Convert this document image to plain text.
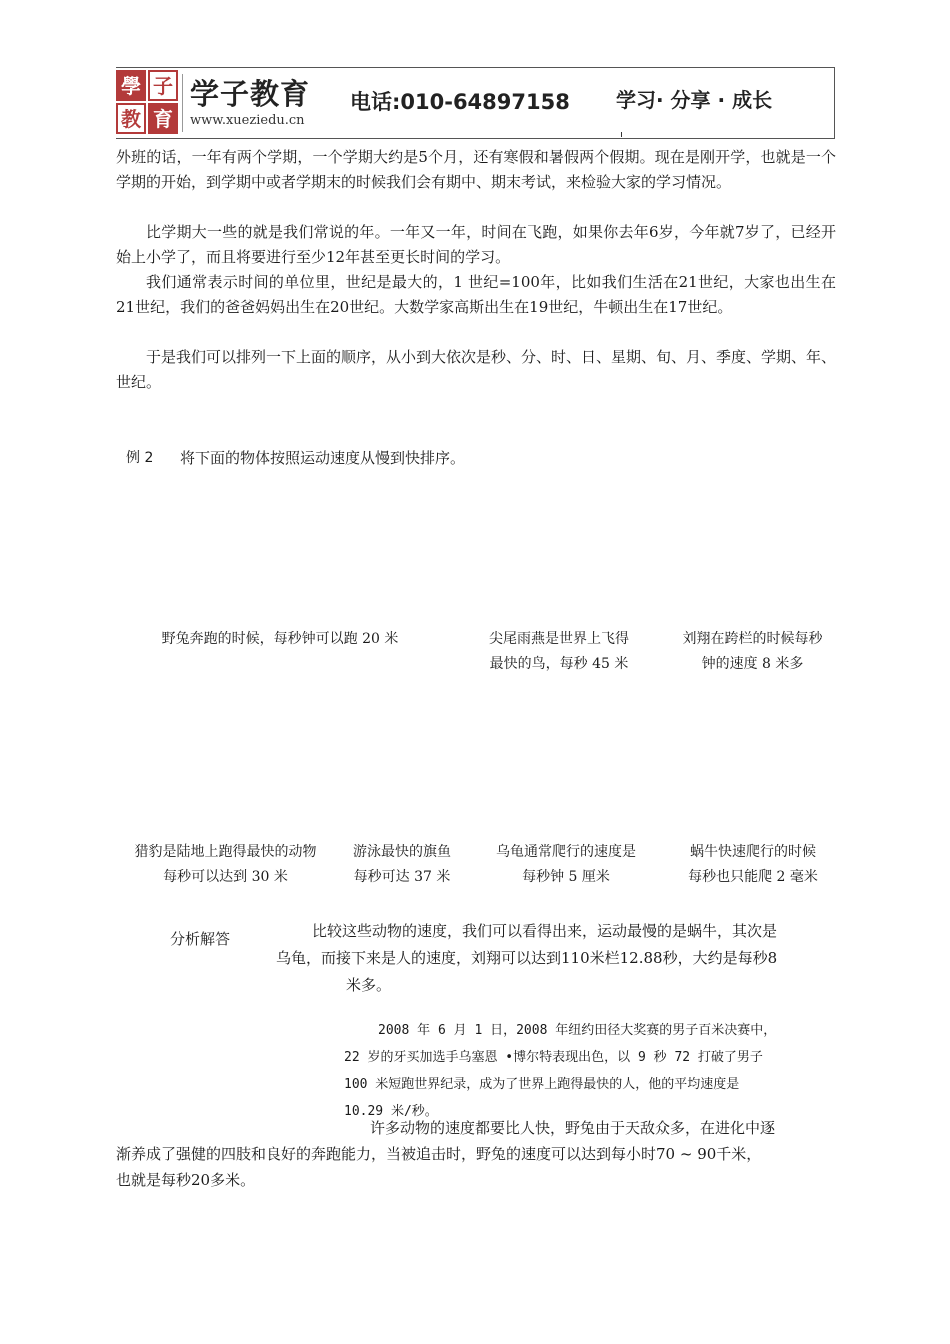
學 子
教 育
学子教育
www.xueziedu.cn
电话:010-64897158 学习· 分享 · 成长

外班的话，一年有两个学期，一个学期大约是5个月，还有寒假和暑假两个假期。现在是刚开学，也就是一个学期的开始，到学期中或者学期末的时候我们会有期中、期末考试，来检验大家的学习情况。

比学期大一些的就是我们常说的年。一年又一年，时间在飞跑，如果你去年6岁，今年就7岁了，已经开始上小学了，而且将要进行至少12年甚至更长时间的学习。

我们通常表示时间的单位里，世纪是最大的，1 世纪=100年，比如我们生活在21世纪，大家也出生在21世纪，我们的爸爸妈妈出生在20世纪。大数学家高斯出生在19世纪，牛顿出生在17世纪。

于是我们可以排列一下上面的顺序，从小到大依次是秒、分、时、日、星期、旬、月、季度、学期、年、世纪。

例 2 将下面的物体按照运动速度从慢到快排序。
野兔奔跑的时候，每秒钟可以跑 20 米	尖尾雨燕是世界上飞得
最快的鸟，每秒 45 米
刘翔在跨栏的时候每秒
钟的速度 8 米多
猎豹是陆地上跑得最快的动物
每秒可以达到 30 米
游泳最快的旗鱼
每秒可达 37 米
乌龟通常爬行的速度是
每秒钟 5 厘米
蜗牛快速爬行的时候
每秒也只能爬 2 毫米
分析解答	比较这些动物的速度，我们可以看得出来，运动最慢的是蜗牛，其次是
乌龟，而接下来是人的速度，刘翔可以达到110米栏12.88秒，大约是每秒8
米多。

2008 年 6 月 1 日，2008 年纽约田径大奖赛的男子百米决赛中，
22 岁的牙买加选手乌塞恩 •博尔特表现出色，以 9 秒 72 打破了男子
100 米短跑世界纪录，成为了世界上跑得最快的人，他的平均速度是
10.29 米/秒。

许多动物的速度都要比人快，野兔由于天敌众多，在进化中逐
渐养成了强健的四肢和良好的奔跑能力，当被追击时，野兔的速度可以达到每小时70 ~ 90千米，
也就是每秒20多米。
